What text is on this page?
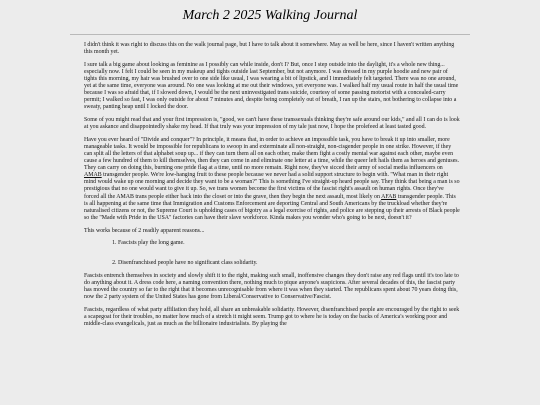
March 2 2025 Walking Journal

I didn't think it was right to discuss this on the walk journal page, but I have to talk about it somewhere. May as well be here, since I haven't written anything this month yet.

I sure talk a big game about looking as feminine as I possibly can while inside, don't I? But, once I step outside into the daylight, it's a whole new thing... especially now. I felt I could be seen in my makeup and tights outside last September, but not anymore. I was dressed in my purple hoodie and new pair of tights this morning, my hair was brushed over to one side like usual, I was wearing a bit of lipstick, and I immediately felt targeted. There was no one around, yet at the same time, everyone was around. No one was looking at me out their windows, yet everyone was. I walked half my usual route in half the usual time because I was so afraid that, if I slowed down, I would be the next uninvestigated trans suicide, courtesy of some passing motorist with a concealed-carry permit; I walked so fast, I was only outside for about 7 minutes and, despite being completely out of breath, I ran up the stairs, not bothering to collapse into a sweaty, panting heap until I locked the door.

Some of you might read that and your first impression is, "good, we can't have these transsexuals thinking they're safe around our kids," and all I can do is look at you askance and disappointedly shake my head. If that truly was your impression of my tale just now, I hope the prolefeed at least tasted good.

Have you ever heard of "Divide and conquer"? In principle, it means that, in order to achieve an impossible task, you have to break it up into smaller, more manageable tasks. It would be impossible for republicans to swoop in and exterminate all non-straight, non-cisgender people in one strike. However, if they can split all the letters of that alphabet soup up... if they can turn them all on each other, make them fight a costly mental war against each other, maybe even cause a few hundred of them to kill themselves, then they can come in and eliminate one letter at a time, while the queer left hails them as heroes and geniuses. They can carry on doing this, burning one pride flag at a time, until no more remain. Right now, they've sicced their army of social media influencers on AMAB transgender people. We're low-hanging fruit to these people because we never had a solid support structure to begin with. "What man in their right mind would wake up one morning and decide they want to be a woman?" This is something I've straight-up heard people say. They think that being a man is so prestigious that no one would want to give it up. So, we trans women become the first victims of the fascist right's assault on human rights. Once they've forced all the AMAB trans people either back into the closet or into the grave, then they begin the next assault, most likely on AFAB transgender people. This is all happening at the same time that Immigration and Customs Enforcement are deporting Central and South Americans by the truckload whether they're naturalised citizens or not, the Supreme Court is upholding cases of bigotry as a legal exercise of rights, and police are stepping up their arrests of Black people so the "Made with Pride in the USA" factories can have their slave workforce. Kinda makes you wonder who's going to be next, doesn't it?

This works because of 2 readily apparent reasons...

1. Fascists play the long game.
2. Disenfranchised people have no significant class solidarity.

Fascists entrench themselves in society and slowly shift it to the right, making such small, inoffensive changes they don't raise any red flags until it's too late to do anything about it. A dress code here, a naming convention there, nothing much to pique anyone's suspicions. After several decades of this, the fascist party has moved the country so far to the right that it becomes unrecognisable from where it was when they started. The republicans spent about 70 years doing this, now the 2 party system of the United States has gone from Liberal/Conservative to Conservative/Fascist.

Fascists, regardless of what party affiliation they hold, all share an unbreakable solidarity. However, disenfranchised people are encouraged by the right to seek a scapegoat for their troubles, no matter how much of a stretch it might seem. Trump got to where he is today on the backs of America's working poor and middle-class evangelicals, just as much as the billionaire industrialists. By playing the
